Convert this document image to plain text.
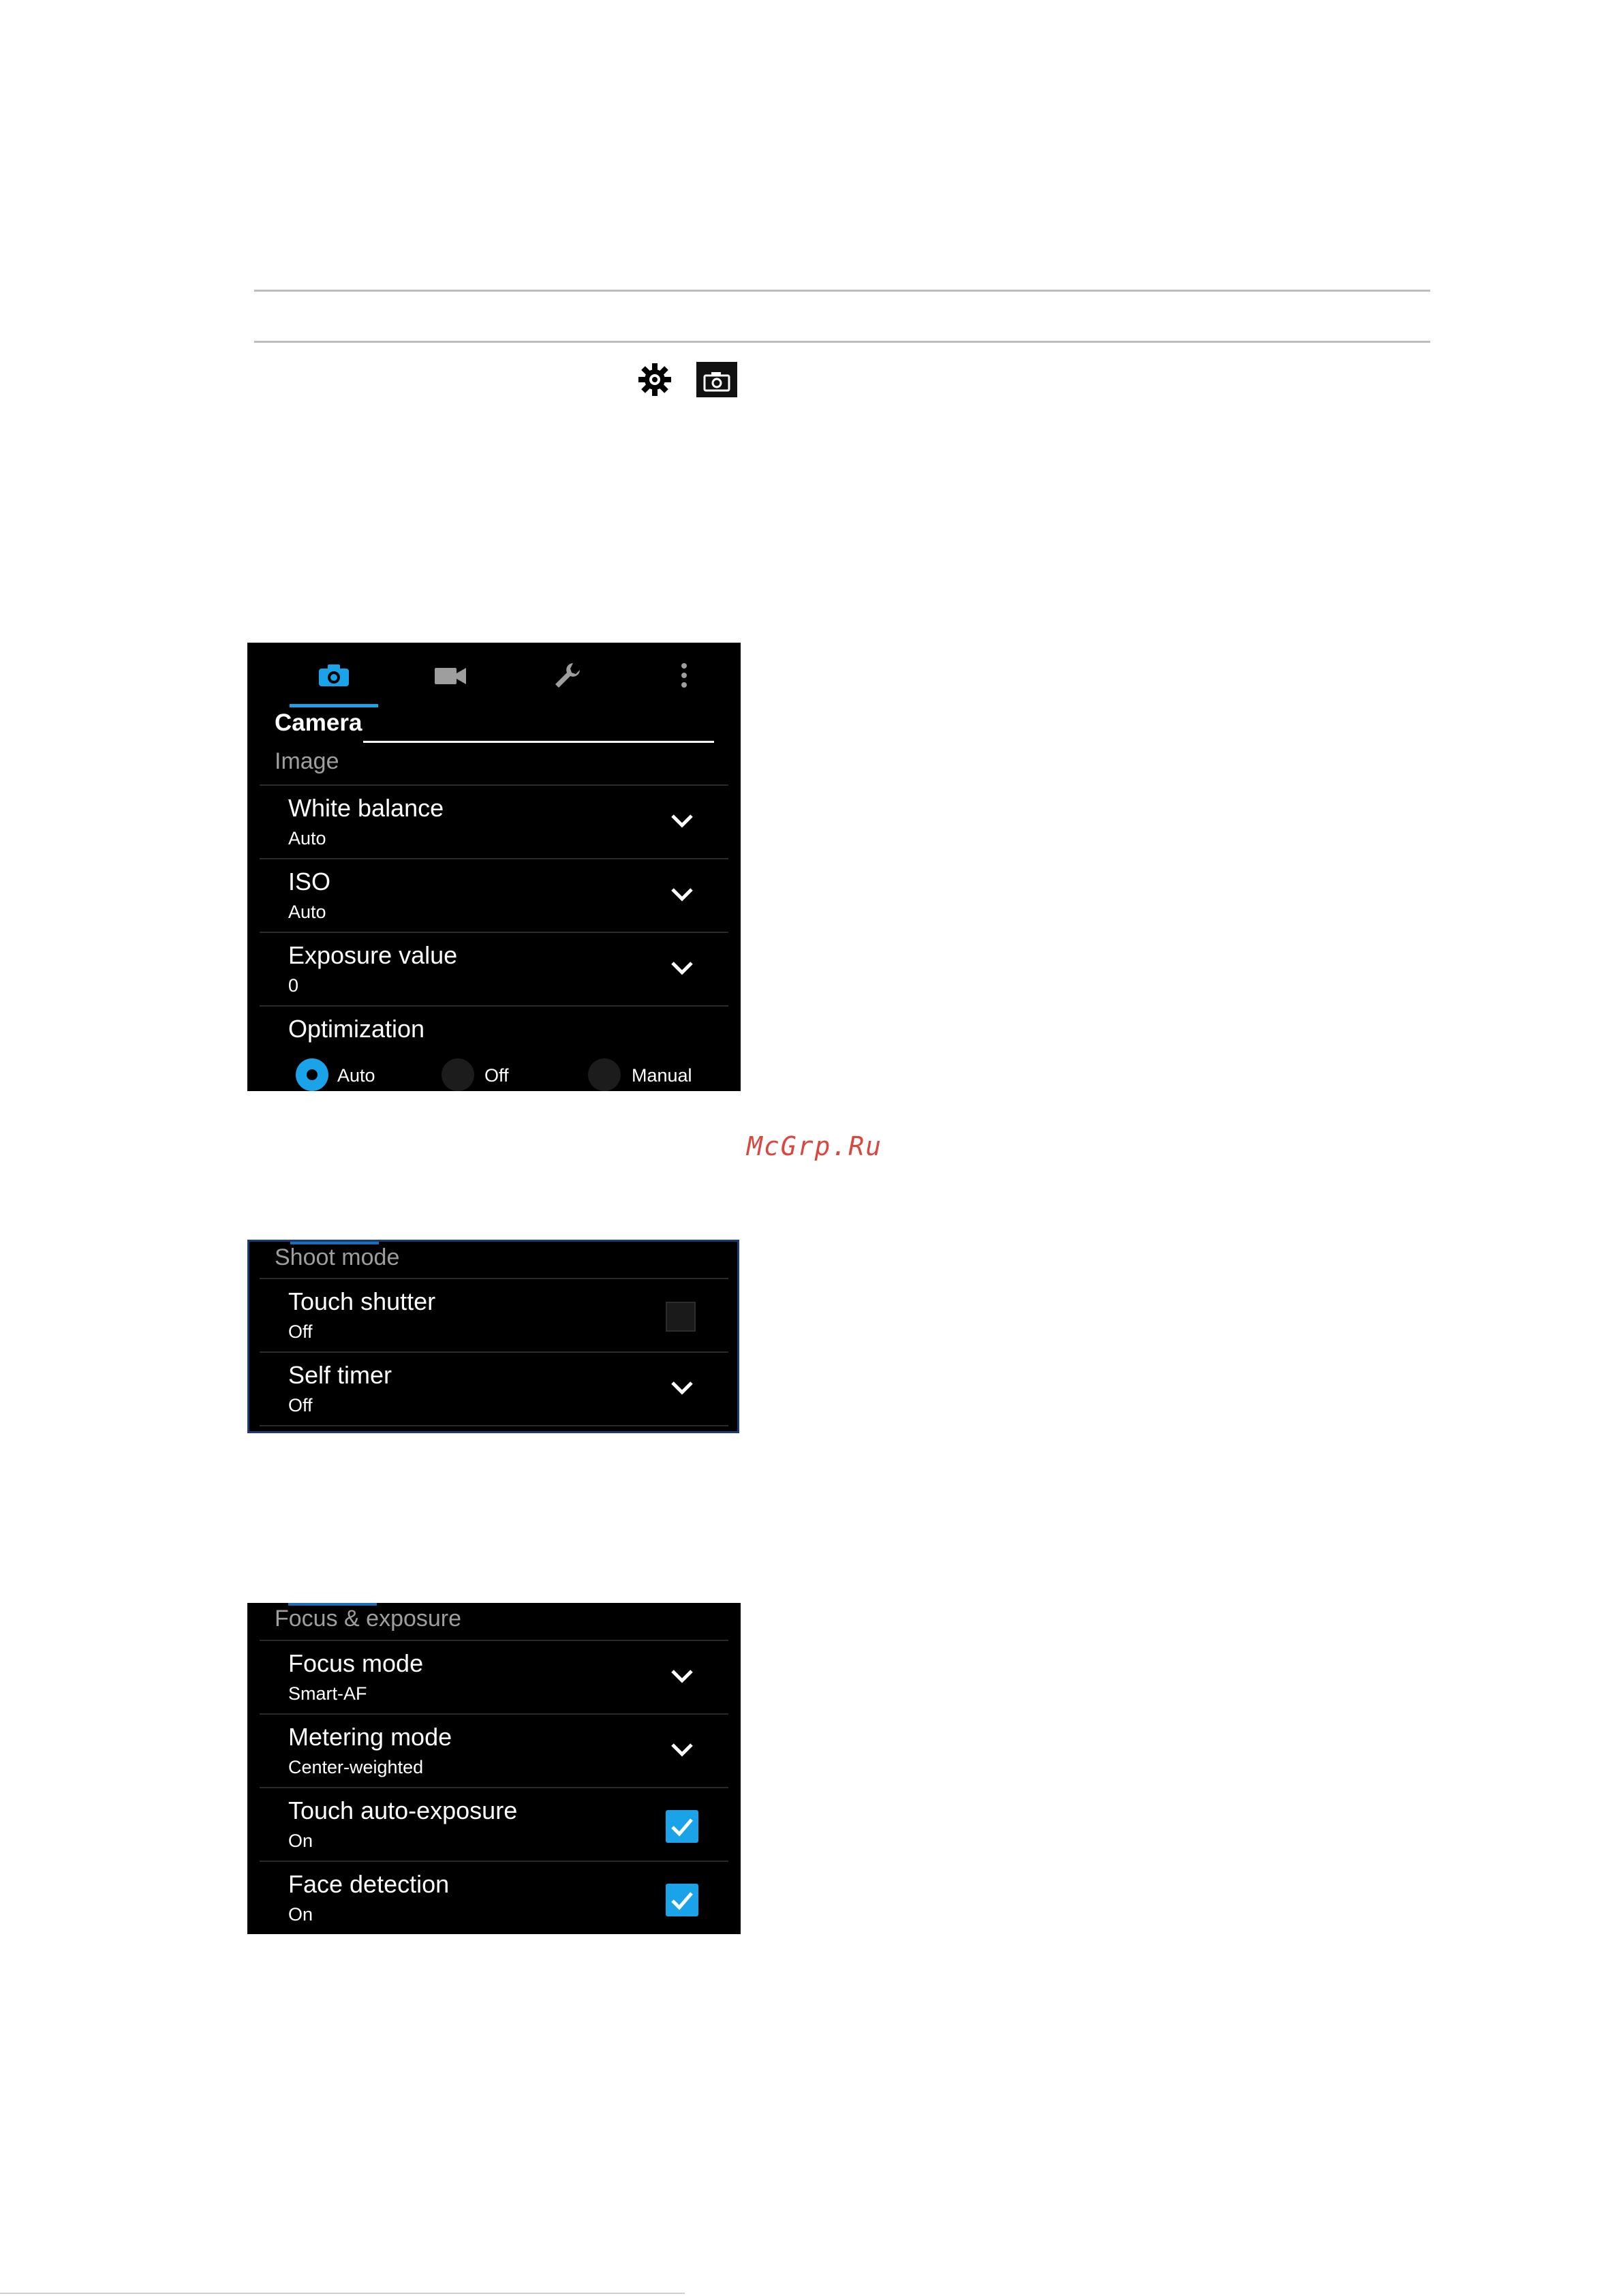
Camera
Image
White balance
Auto
ISO
Auto
Exposure value
0
Optimization
Auto	Off	Manual
McGrp.Ru
Shoot mode
Touch shutter
Off
Self timer
Off
Focus & exposure
Focus mode
Smart-AF
Metering mode
Center-weighted
Touch auto-exposure
On
Face detection
On
